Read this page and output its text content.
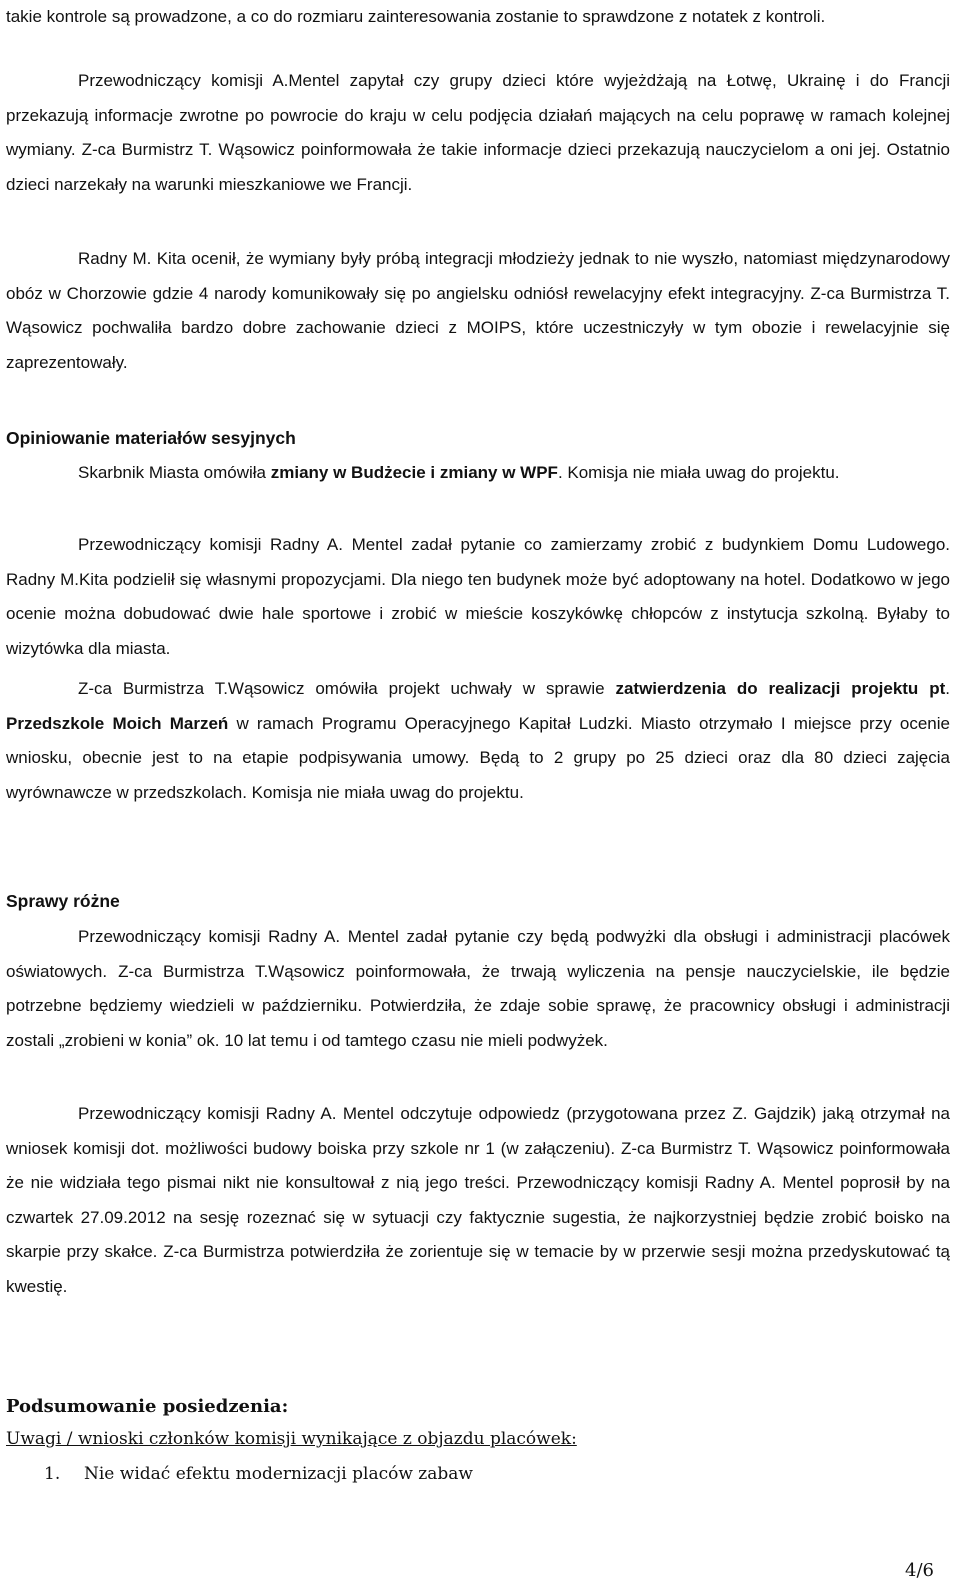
takie kontrole są prowadzone, a co do rozmiaru zainteresowania zostanie to sprawdzone z notatek z kontroli.

Przewodniczący komisji A.Mentel zapytał czy grupy dzieci które wyjeżdżają na Łotwę, Ukrainę i do Francji przekazują informacje zwrotne po powrocie do kraju w celu podjęcia działań mających na celu poprawę w ramach kolejnej wymiany. Z-ca Burmistrz T. Wąsowicz poinformowała że takie informacje dzieci przekazują nauczycielom a oni jej. Ostatnio dzieci narzekały na warunki mieszkaniowe we Francji.

Radny M. Kita ocenił, że wymiany były próbą integracji młodzieży jednak to nie wyszło, natomiast międzynarodowy obóz w Chorzowie gdzie 4 narody komunikowały się po angielsku odniósł rewelacyjny efekt integracyjny. Z-ca Burmistrza T. Wąsowicz pochwaliła bardzo dobre zachowanie dzieci z MOIPS, które uczestniczyły w tym obozie i rewelacyjnie się zaprezentowały.

Opiniowanie materiałów sesyjnych

Skarbnik Miasta omówiła zmiany w Budżecie i zmiany w WPF. Komisja nie miała uwag do projektu.

Przewodniczący komisji Radny A. Mentel zadał pytanie co zamierzamy zrobić z budynkiem Domu Ludowego. Radny M.Kita podzielił się własnymi propozycjami. Dla niego ten budynek może być adoptowany na hotel. Dodatkowo w jego ocenie można dobudować dwie hale sportowe i zrobić w mieście koszykówkę chłopców z instytucja szkolną. Byłaby to wizytówka dla miasta.

Z-ca Burmistrza T.Wąsowicz omówiła projekt uchwały w sprawie zatwierdzenia do realizacji projektu pt. Przedszkole Moich Marzeń w ramach Programu Operacyjnego Kapitał Ludzki. Miasto otrzymało I miejsce przy ocenie wniosku, obecnie jest to na etapie podpisywania umowy. Będą to 2 grupy po 25 dzieci oraz dla 80 dzieci zajęcia wyrównawcze w przedszkolach. Komisja nie miała uwag do projektu.

Sprawy różne

Przewodniczący komisji Radny A. Mentel zadał pytanie czy będą podwyżki dla obsługi i administracji placówek oświatowych. Z-ca Burmistrza T.Wąsowicz poinformowała, że trwają wyliczenia na pensje nauczycielskie, ile będzie potrzebne będziemy wiedzieli w październiku. Potwierdziła, że zdaje sobie sprawę, że pracownicy obsługi i administracji zostali „zrobieni w konia” ok. 10 lat temu i od tamtego czasu nie mieli podwyżek.

Przewodniczący komisji Radny A. Mentel odczytuje odpowiedz (przygotowana przez Z. Gajdzik) jaką otrzymał na wniosek komisji dot. możliwości budowy boiska przy szkole nr 1 (w załączeniu). Z-ca Burmistrz T. Wąsowicz poinformowała że nie widziała tego pismai nikt nie konsultował z nią jego treści. Przewodniczący komisji Radny A. Mentel poprosił by na czwartek 27.09.2012 na sesję rozeznać się w sytuacji czy faktycznie sugestia, że najkorzystniej będzie zrobić boisko na skarpie przy skałce. Z-ca Burmistrza potwierdziła że zorientuje się w temacie by w przerwie sesji można przedyskutować tą kwestię.

Podsumowanie posiedzenia:

Uwagi / wnioski członków komisji wynikające z objazdu placówek:

1. Nie widać efektu modernizacji placów zabaw

4/6
